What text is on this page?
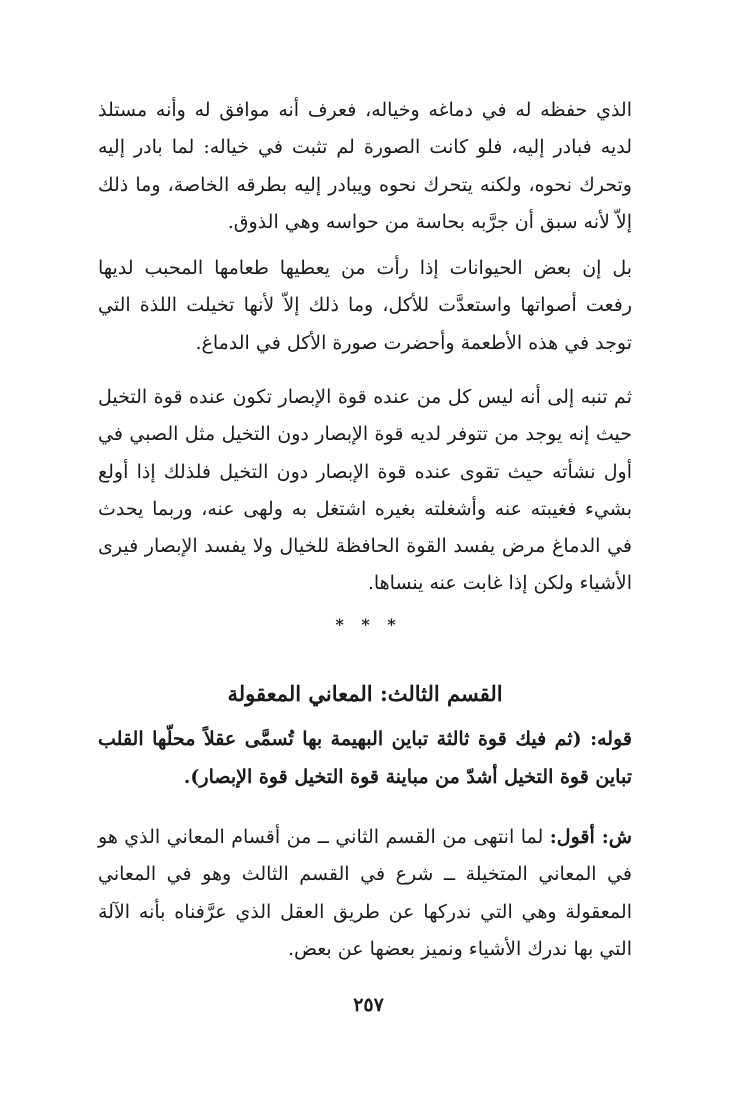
الذي حفظه له في دماغه وخياله، فعرف أنه موافق له وأنه مستلذ لديه فبادر إليه، فلو كانت الصورة لم تثبت في خياله: لما بادر إليه وتحرك نحوه، ولكنه يتحرك نحوه ويبادر إليه بطرقه الخاصة، وما ذلك إلاّ لأنه سبق أن جرَّبه بحاسة من حواسه وهي الذوق.

بل إن بعض الحيوانات إذا رأت من يعطيها طعامها المحبب لديها رفعت أصواتها واستعدَّت للأكل، وما ذلك إلاّ لأنها تخيلت اللذة التي توجد في هذه الأطعمة وأحضرت صورة الأكل في الدماغ.

ثم تنبه إلى أنه ليس كل من عنده قوة الإبصار تكون عنده قوة التخيل حيث إنه يوجد من تتوفر لديه قوة الإبصار دون التخيل مثل الصبي في أول نشأته حيث تقوى عنده قوة الإبصار دون التخيل فلذلك إذا أولع بشيء فغيبته عنه وأشغلته بغيره اشتغل به ولهى عنه، وربما يحدث في الدماغ مرض يفسد القوة الحافظة للخيال ولا يفسد الإبصار فيرى الأشياء ولكن إذا غابت عنه ينساها.

* * *
القسم الثالث: المعاني المعقولة
قوله: (ثم فيك قوة ثالثة تباين البهيمة بها تُسمَّى عقلاً محلّها القلب تباين قوة التخيل أشدّ من مباينة قوة التخيل قوة الإبصار).
ش: أقول: لما انتهى من القسم الثاني ــ من أقسام المعاني الذي هو في المعاني المتخيلة ــ شرع في القسم الثالث وهو في المعاني المعقولة وهي التي ندركها عن طريق العقل الذي عرَّفناه بأنه الآلة التي بها ندرك الأشياء ونميز بعضها عن بعض.
٢٥٧
